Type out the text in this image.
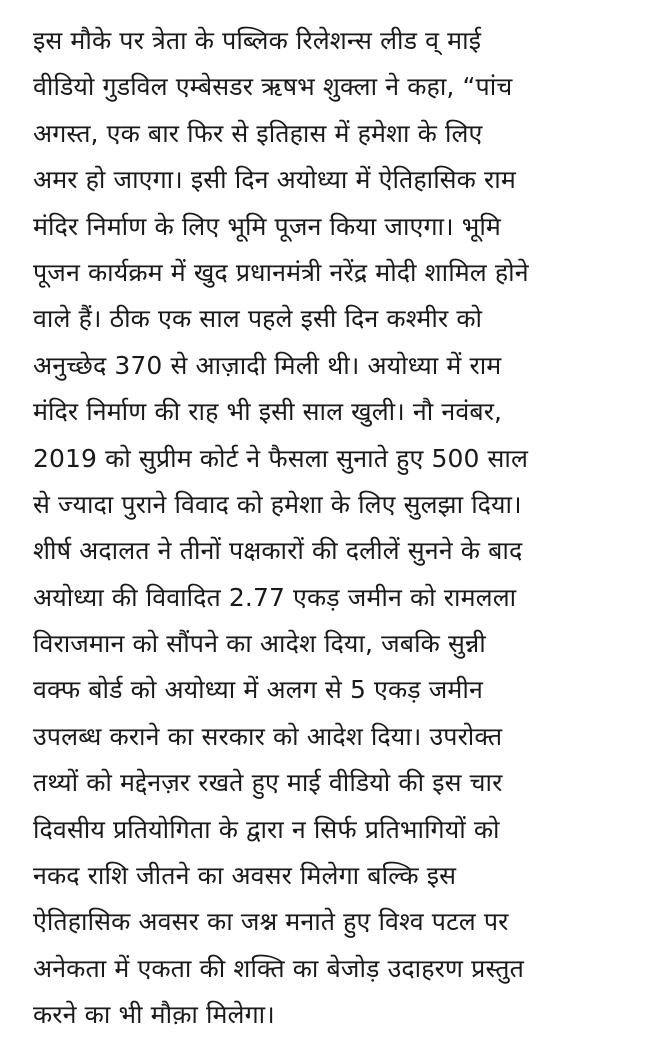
इस मौके पर त्रेता के पब्लिक रिलेशन्स लीड व् माई
वीडियो गुडविल एम्बेसडर ऋषभ शुक्ला ने कहा, “पांच
अगस्त, एक बार फिर से इतिहास में हमेशा के लिए
अमर हो जाएगा। इसी दिन अयोध्या में ऐतिहासिक राम
मंदिर निर्माण के लिए भूमि पूजन किया जाएगा। भूमि
पूजन कार्यक्रम में खुद प्रधानमंत्री नरेंद्र मोदी शामिल होने
वाले हैं। ठीक एक साल पहले इसी दिन कश्मीर को
अनुच्छेद 370 से आज़ादी मिली थी। अयोध्या में राम
मंदिर निर्माण की राह भी इसी साल खुली। नौ नवंबर,
2019 को सुप्रीम कोर्ट ने फैसला सुनाते हुए 500 साल
से ज्यादा पुराने विवाद को हमेशा के लिए सुलझा दिया।
शीर्ष अदालत ने तीनों पक्षकारों की दलीलें सुनने के बाद
अयोध्या की विवादित 2.77 एकड़ जमीन को रामलला
विराजमान को सौंपने का आदेश दिया, जबकि सुन्नी
वक्फ बोर्ड को अयोध्या में अलग से 5 एकड़ जमीन
उपलब्ध कराने का सरकार को आदेश दिया। उपरोक्त
तथ्यों को मद्देनज़र रखते हुए माई वीडियो की इस चार
दिवसीय प्रतियोगिता के द्वारा न सिर्फ प्रतिभागियों को
नकद राशि जीतने का अवसर मिलेगा बल्कि इस
ऐतिहासिक अवसर का जश्न मनाते हुए विश्व पटल पर
अनेकता में एकता की शक्ति का बेजोड़ उदाहरण प्रस्तुत
करने का भी मौक़ा मिलेगा।
